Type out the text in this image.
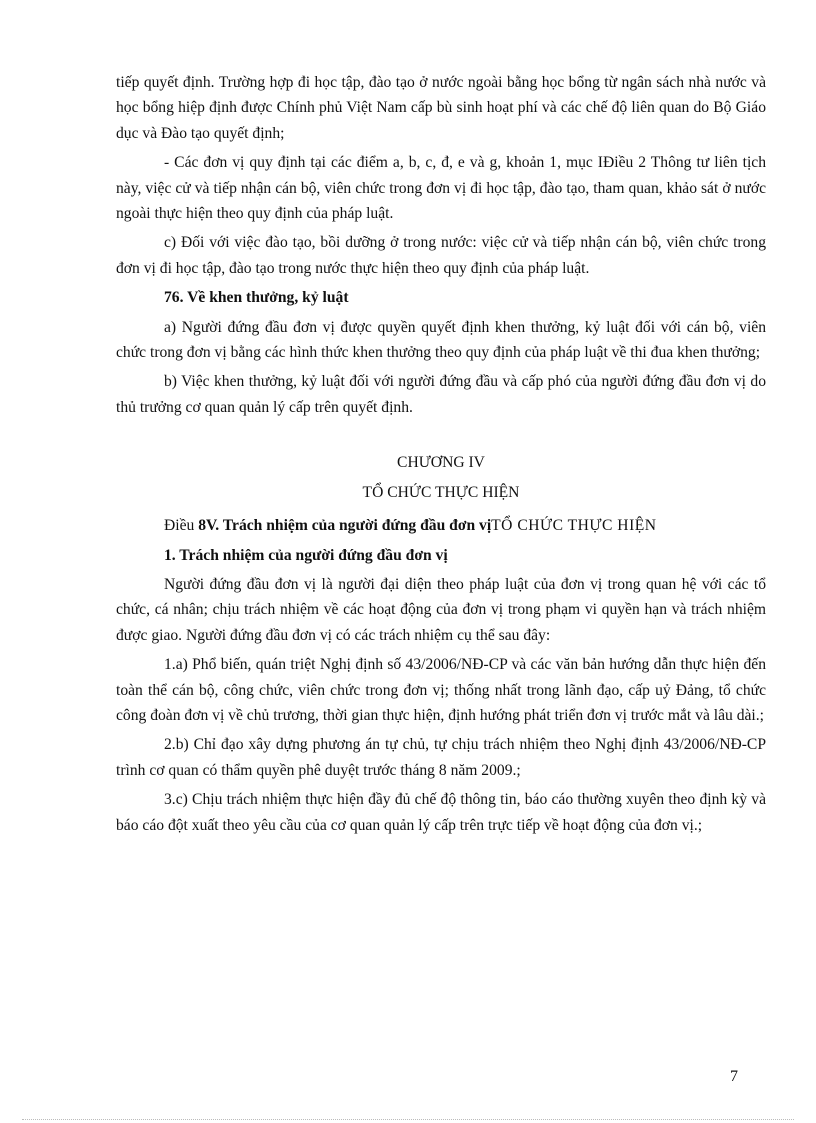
tiếp quyết định. Trường hợp đi học tập, đào tạo ở nước ngoài bằng học bổng từ ngân sách nhà nước và học bổng hiệp định được Chính phủ Việt Nam cấp bù sinh hoạt phí và các chế độ liên quan do Bộ Giáo dục và Đào tạo quyết định;

- Các đơn vị quy định tại các điểm a, b, c, đ, e và g, khoản 1, mục IĐiều 2 Thông tư liên tịch này, việc cử và tiếp nhận cán bộ, viên chức trong đơn vị đi học tập, đào tạo, tham quan, khảo sát ở nước ngoài thực hiện theo quy định của pháp luật.

c) Đối với việc đào tạo, bồi dưỡng ở trong nước: việc cử và tiếp nhận cán bộ, viên chức trong đơn vị đi học tập, đào tạo trong nước thực hiện theo quy định của pháp luật.

76. Về khen thưởng, kỷ luật

a) Người đứng đầu đơn vị được quyền quyết định khen thưởng, kỷ luật đối với cán bộ, viên chức trong đơn vị bằng các hình thức khen thưởng theo quy định của pháp luật về thi đua khen thưởng;

b) Việc khen thưởng, kỷ luật đối với người đứng đầu và cấp phó của người đứng đầu đơn vị do thủ trưởng cơ quan quản lý cấp trên quyết định.

CHƯƠNG IV

TỔ CHỨC THỰC HIỆN

Điều 8V. Trách nhiệm của người đứng đầu đơn vịTỔ CHỨC THỰC HIỆN

1. Trách nhiệm của người đứng đầu đơn vị

Người đứng đầu đơn vị là người đại diện theo pháp luật của đơn vị trong quan hệ với các tổ chức, cá nhân; chịu trách nhiệm về các hoạt động của đơn vị trong phạm vi quyền hạn và trách nhiệm được giao. Người đứng đầu đơn vị có các trách nhiệm cụ thể sau đây:

1.a) Phổ biến, quán triệt Nghị định số 43/2006/NĐ-CP và các văn bản hướng dẫn thực hiện đến toàn thể cán bộ, công chức, viên chức trong đơn vị; thống nhất trong lãnh đạo, cấp uỷ Đảng, tổ chức công đoàn đơn vị về chủ trương, thời gian thực hiện, định hướng phát triển đơn vị trước mắt và lâu dài.;

2.b) Chỉ đạo xây dựng phương án tự chủ, tự chịu trách nhiệm theo Nghị định 43/2006/NĐ-CP trình cơ quan có thẩm quyền phê duyệt trước tháng 8 năm 2009.;

3.c) Chịu trách nhiệm thực hiện đầy đủ chế độ thông tin, báo cáo thường xuyên theo định kỳ và báo cáo đột xuất theo yêu cầu của cơ quan quản lý cấp trên trực tiếp về hoạt động của đơn vị.;

7
